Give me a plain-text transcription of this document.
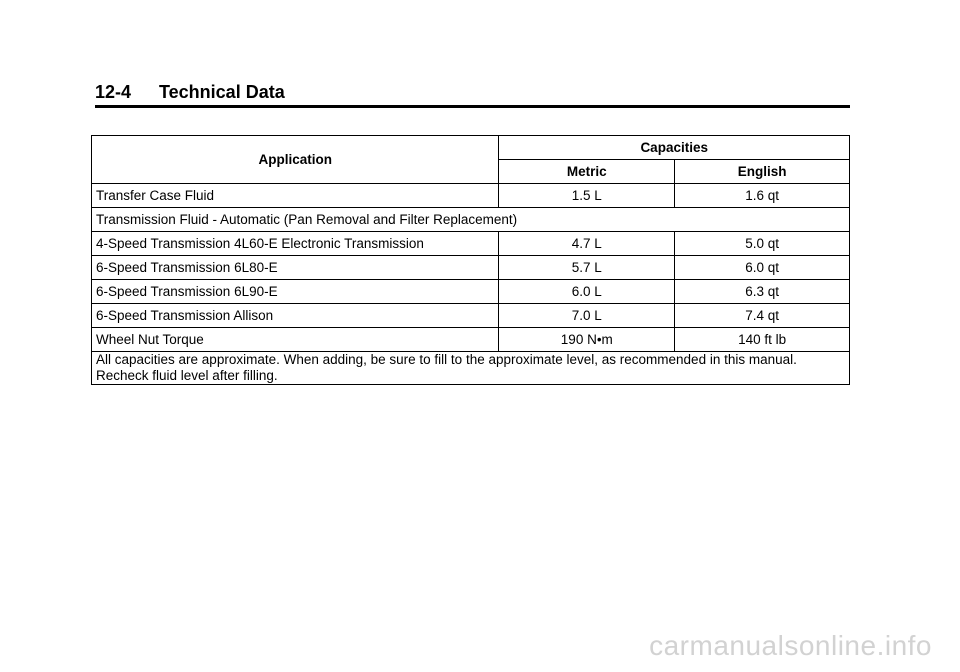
12-4 Technical Data
Application	Capacities	
	Metric	English
Transfer Case Fluid	1.5 L	1.6 qt
Transmission Fluid - Automatic (Pan Removal and Filter Replacement)		
4-Speed Transmission 4L60-E Electronic Transmission	4.7 L	5.0 qt
6-Speed Transmission 6L80-E	5.7 L	6.0 qt
6-Speed Transmission 6L90-E	6.0 L	6.3 qt
6-Speed Transmission Allison	7.0 L	7.4 qt
Wheel Nut Torque	190 N•m	140 ft lb
All capacities are approximate. When adding, be sure to fill to the approximate level, as recommended in this manual. Recheck fluid level after filling.		
carmanualsonline.info
